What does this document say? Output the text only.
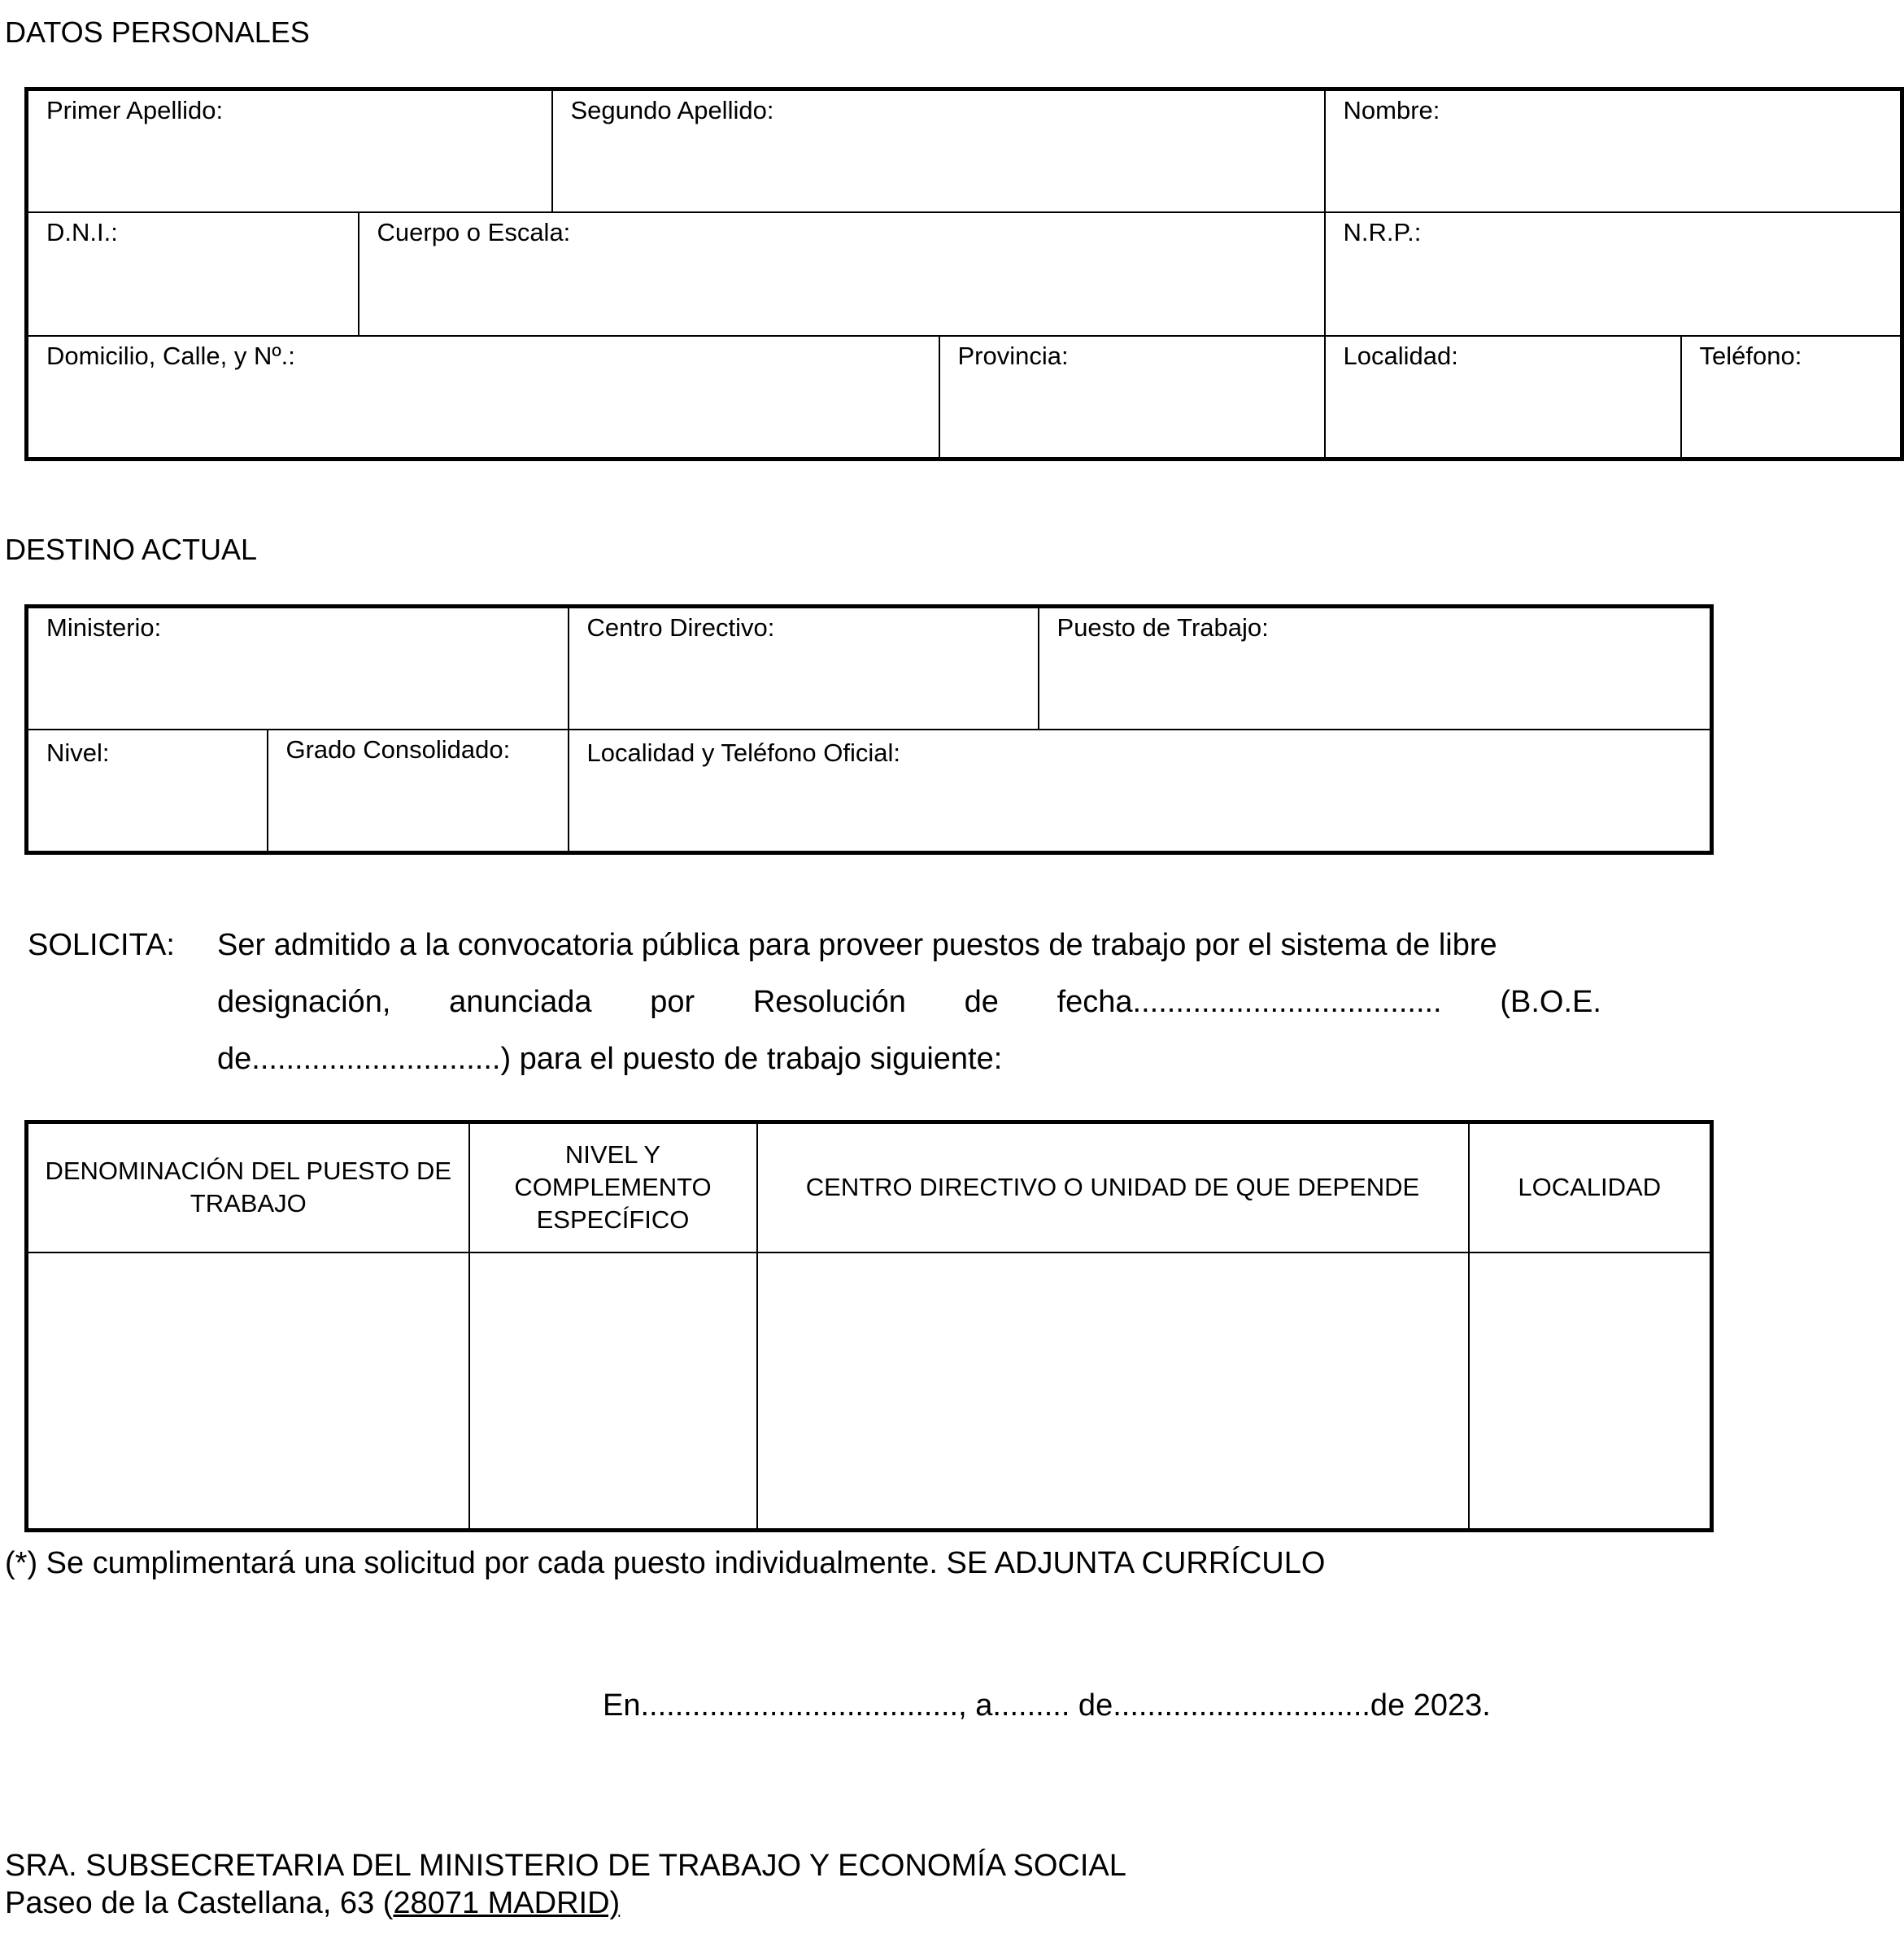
DATOS PERSONALES
Primer Apellido:		Segundo Apellido:		Nombre:	

D.N.I.:	Cuerpo o Escala:			N.R.P.:	

Domicilio, Calle, y Nº.:			Provincia:	Localidad:	Teléfono:
DESTINO ACTUAL
Ministerio:		Centro Directivo:	Puesto de Trabajo:

Nivel:	Grado Consolidado:	Localidad y Teléfono Oficial:	
SOLICITA: Ser admitido a la convocatoria pública para proveer puestos de trabajo por el sistema de libre
designación, anunciada por Resolución de fecha.................................... (B.O.E.
de.............................) para el puesto de trabajo siguiente:
DENOMINACIÓN DEL PUESTO DE TRABAJO	NIVEL Y COMPLEMENTO ESPECÍFICO	CENTRO DIRECTIVO O UNIDAD DE QUE DEPENDE	LOCALIDAD

(*) Se cumplimentará una solicitud por cada puesto individualmente. SE ADJUNTA CURRÍCULO
En....................................., a......... de..............................de 2023.
SRA. SUBSECRETARIA DEL MINISTERIO DE TRABAJO Y ECONOMÍA SOCIAL
Paseo de la Castellana, 63 (28071 MADRID)
